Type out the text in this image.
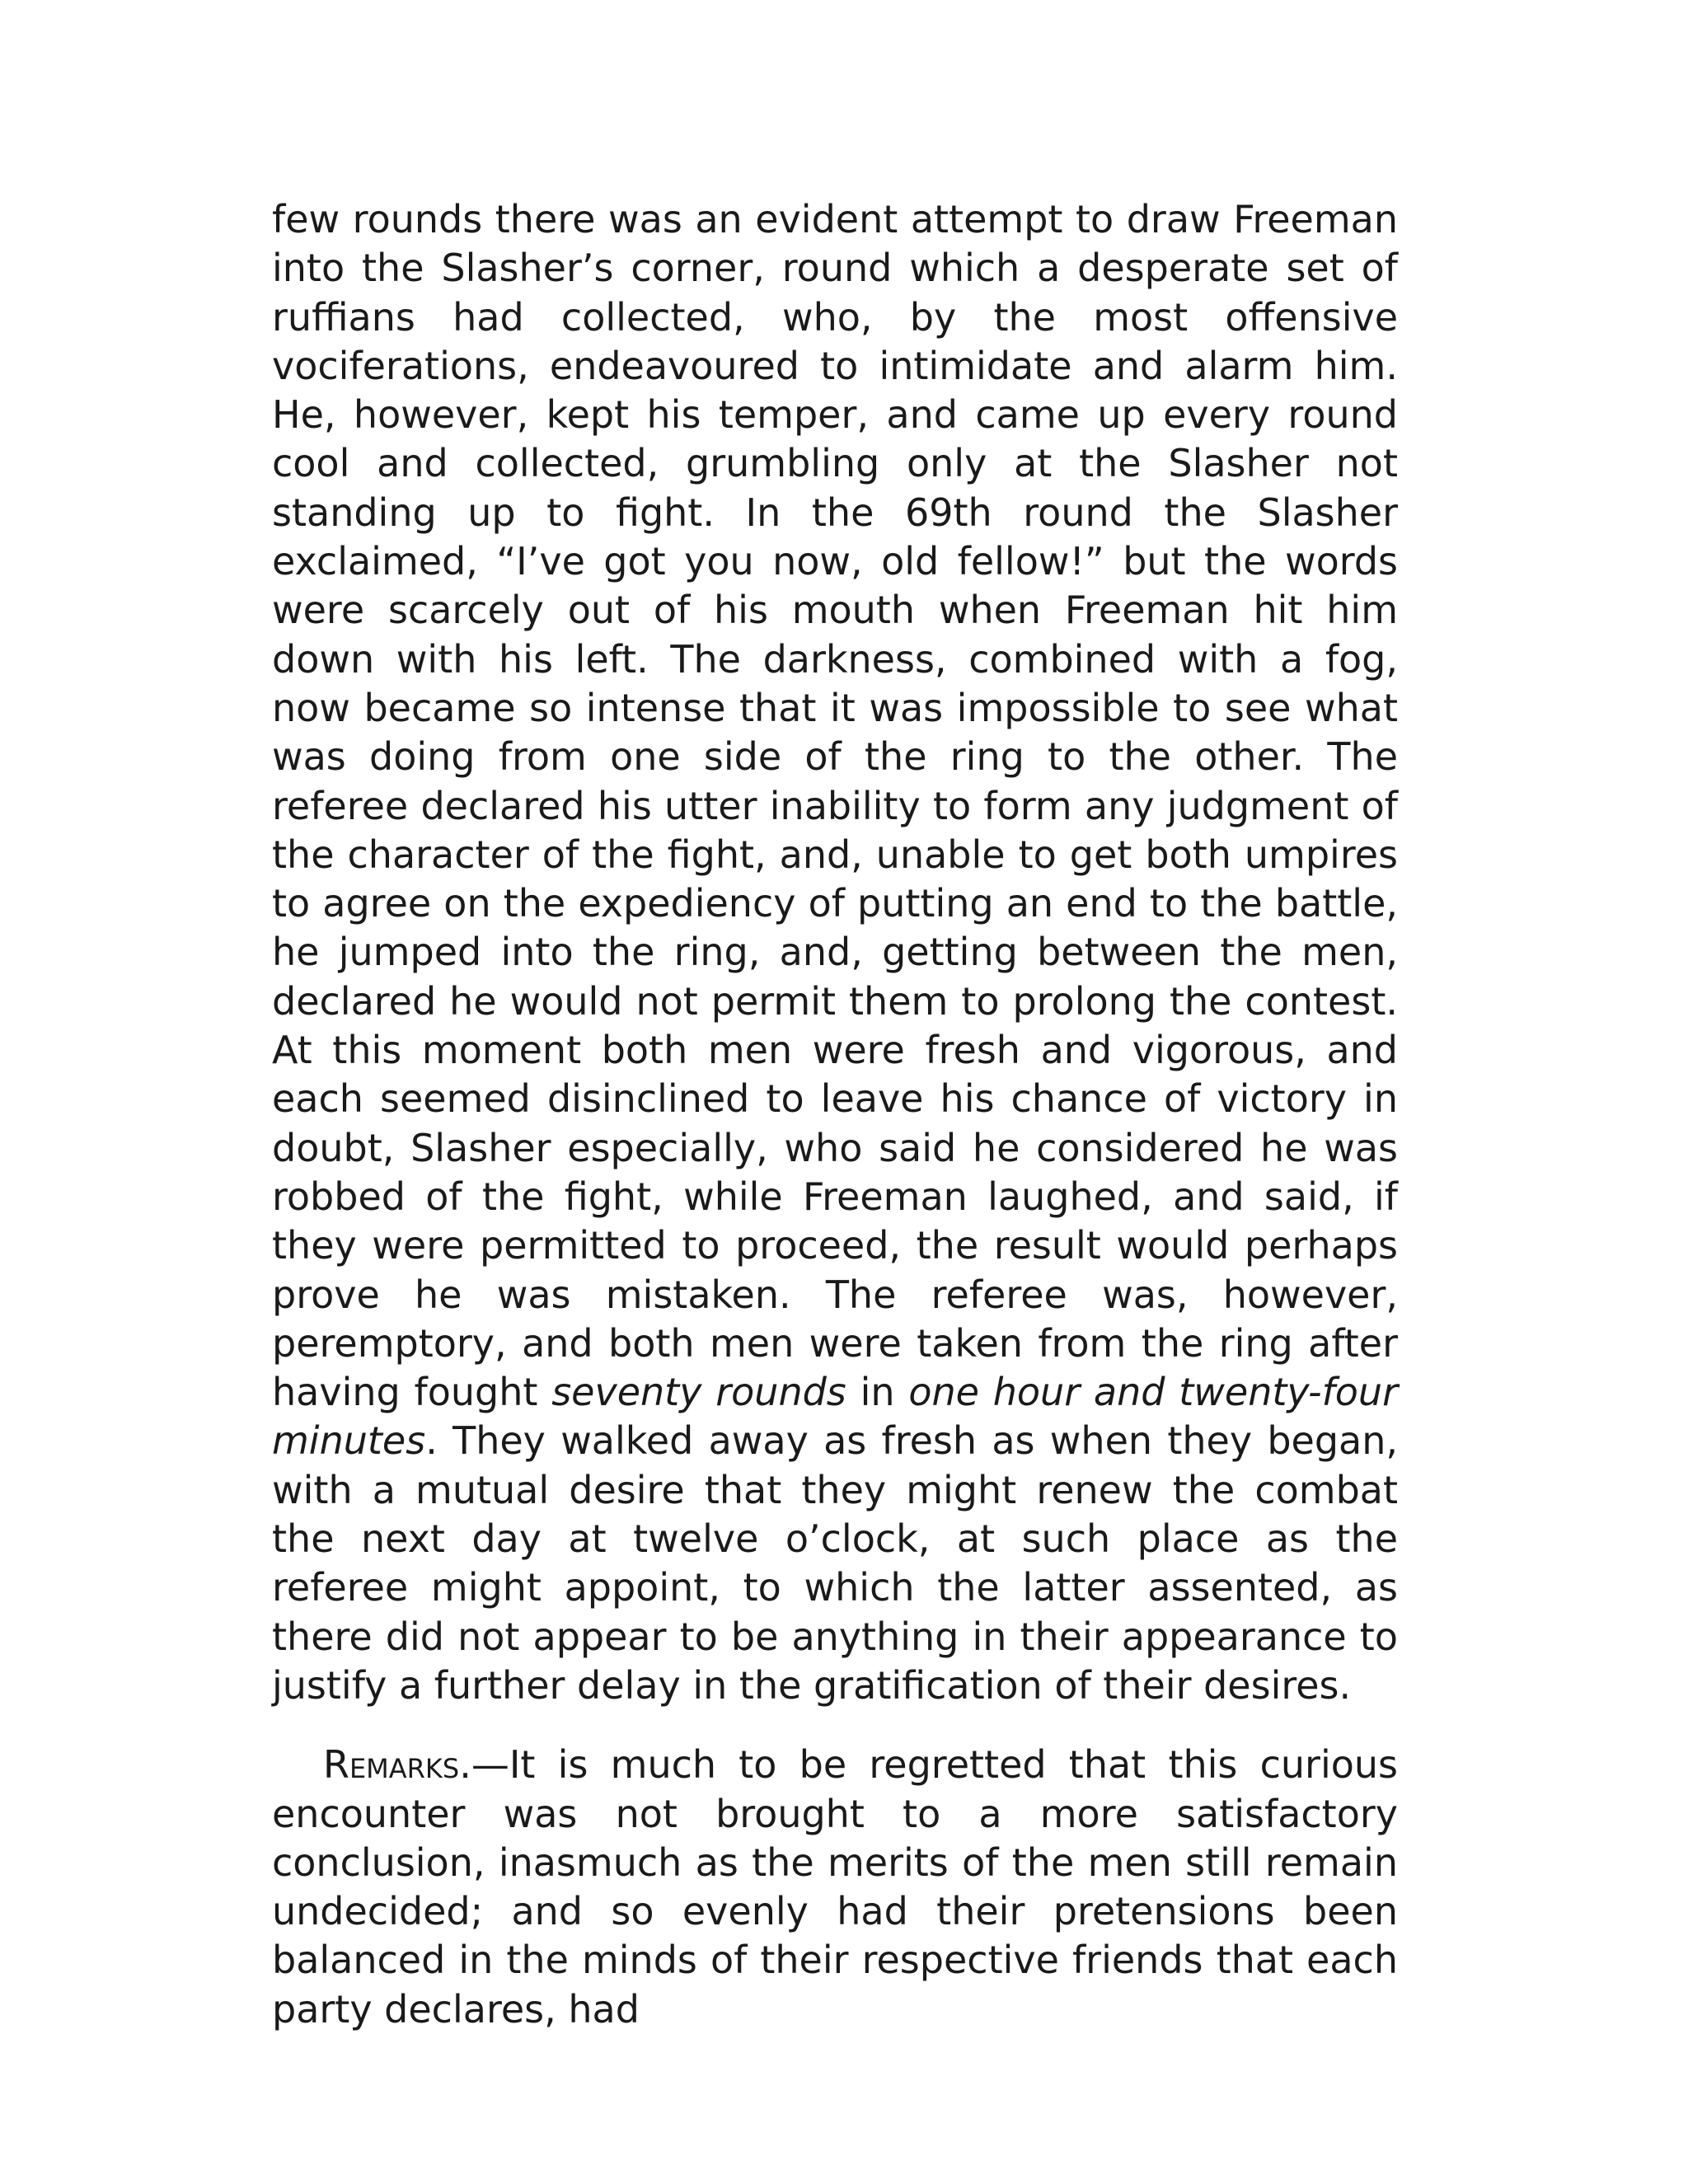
few rounds there was an evident attempt to draw Freeman into the Slasher’s corner, round which a desperate set of ruffians had collected, who, by the most offensive vociferations, endeavoured to intimidate and alarm him. He, however, kept his temper, and came up every round cool and collected, grumbling only at the Slasher not standing up to fight. In the 69th round the Slasher exclaimed, “I’ve got you now, old fellow!” but the words were scarcely out of his mouth when Freeman hit him down with his left. The darkness, combined with a fog, now became so intense that it was impossible to see what was doing from one side of the ring to the other. The referee declared his utter inability to form any judgment of the character of the fight, and, unable to get both umpires to agree on the expediency of putting an end to the battle, he jumped into the ring, and, getting between the men, declared he would not permit them to prolong the contest. At this moment both men were fresh and vigorous, and each seemed disinclined to leave his chance of victory in doubt, Slasher especially, who said he considered he was robbed of the fight, while Freeman laughed, and said, if they were permitted to proceed, the result would perhaps prove he was mistaken. The referee was, however, peremptory, and both men were taken from the ring after having fought seventy rounds in one hour and twenty-four minutes. They walked away as fresh as when they began, with a mutual desire that they might renew the combat the next day at twelve o’clock, at such place as the referee might appoint, to which the latter assented, as there did not appear to be anything in their appearance to justify a further delay in the gratification of their desires.

Remarks.—It is much to be regretted that this curious encounter was not brought to a more satisfactory conclusion, inasmuch as the merits of the men still remain undecided; and so evenly had their pretensions been balanced in the minds of their respective friends that each party declares, had
